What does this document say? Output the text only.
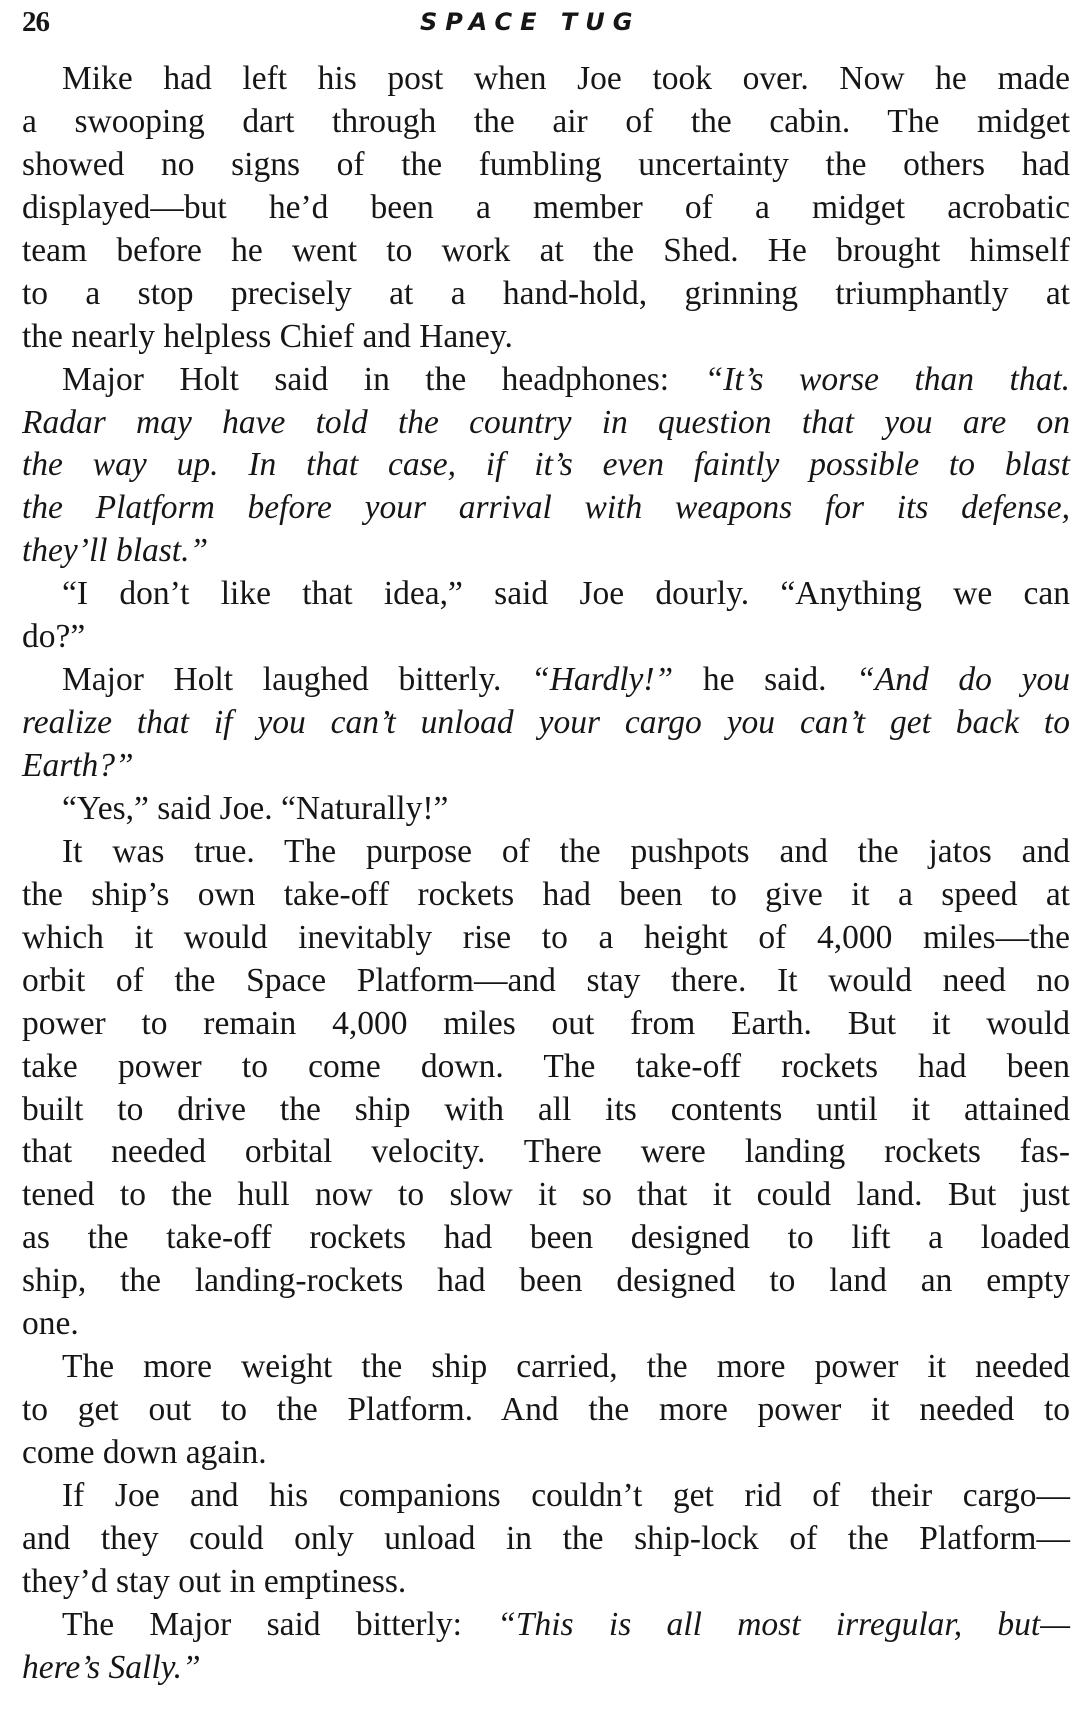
26	SPACE TUG
Mike had left his post when Joe took over. Now he made
a swooping dart through the air of the cabin. The midget
showed no signs of the fumbling uncertainty the others had
displayed—but he’d been a member of a midget acrobatic
team before he went to work at the Shed. He brought himself
to a stop precisely at a hand-hold, grinning triumphantly at
the nearly helpless Chief and Haney.
Major Holt said in the headphones: “It’s worse than that.
Radar may have told the country in question that you are on
the way up. In that case, if it’s even faintly possible to blast
the Platform before your arrival with weapons for its defense,
they’ll blast.”
“I don’t like that idea,” said Joe dourly. “Anything we can
do?”
Major Holt laughed bitterly. “Hardly!” he said. “And do you
realize that if you can’t unload your cargo you can’t get back to
Earth?”
“Yes,” said Joe. “Naturally!”
It was true. The purpose of the pushpots and the jatos and
the ship’s own take-off rockets had been to give it a speed at
which it would inevitably rise to a height of 4,000 miles—the
orbit of the Space Platform—and stay there. It would need no
power to remain 4,000 miles out from Earth. But it would
take power to come down. The take-off rockets had been
built to drive the ship with all its contents until it attained
that needed orbital velocity. There were landing rockets fas-
tened to the hull now to slow it so that it could land. But just
as the take-off rockets had been designed to lift a loaded
ship, the landing-rockets had been designed to land an empty
one.
The more weight the ship carried, the more power it needed
to get out to the Platform. And the more power it needed to
come down again.
If Joe and his companions couldn’t get rid of their cargo—
and they could only unload in the ship-lock of the Platform—
they’d stay out in emptiness.
The Major said bitterly: “This is all most irregular, but—
here’s Sally.”
